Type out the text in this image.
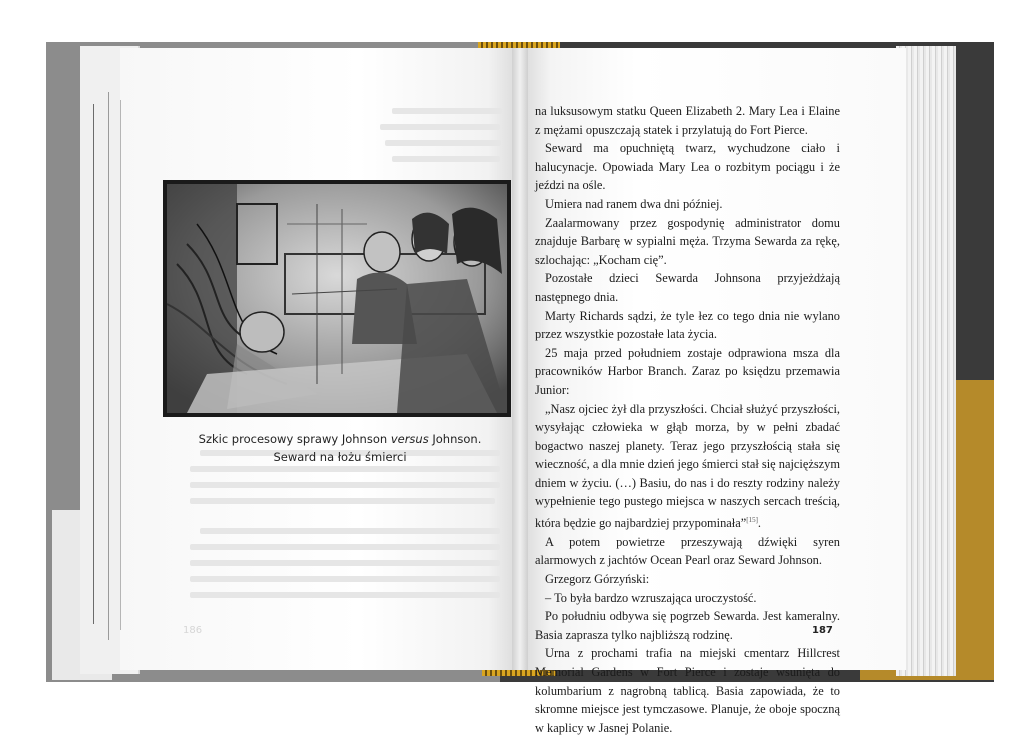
Szkic procesowy sprawy Johnson versus Johnson.
Seward na łożu śmierci

na luksusowym statku Queen Elizabeth 2. Mary Lea i Elaine z mężami opuszczają statek i przylatują do Fort Pierce.

Seward ma opuchniętą twarz, wychudzone ciało i halucynacje. Opowiada Mary Lea o rozbitym pociągu i że jeździ na ośle.

Umiera nad ranem dwa dni później.

Zaalarmowany przez gospodynię administrator domu znajduje Barbarę w sypialni męża. Trzyma Sewarda za rękę, szlochając: „Kocham cię”.

Pozostałe dzieci Sewarda Johnsona przyjeżdżają następnego dnia.

Marty Richards sądzi, że tyle łez co tego dnia nie wylano przez wszystkie pozostałe lata życia.

25 maja przed południem zostaje odprawiona msza dla pracowników Harbor Branch. Zaraz po księdzu przemawia Junior:

„Nasz ojciec żył dla przyszłości. Chciał służyć przyszłości, wysyłając człowieka w głąb morza, by w pełni zbadać bogactwo naszej planety. Teraz jego przyszłością stała się wieczność, a dla mnie dzień jego śmierci stał się najcięższym dniem w życiu. (…) Basiu, do nas i do reszty rodziny należy wypełnienie tego pustego miejsca w naszych sercach treścią, która będzie go najbardziej przypominała”[15].

A potem powietrze przeszywają dźwięki syren alarmowych z jachtów Ocean Pearl oraz Seward Johnson.

Grzegorz Górzyński:

– To była bardzo wzruszająca uroczystość.

Po południu odbywa się pogrzeb Sewarda. Jest kameralny. Basia zaprasza tylko najbliższą rodzinę.

Urna z prochami trafia na miejski cmentarz Hillcrest Memorial Gardens w Fort Pierce i zostaje wsunięta do kolumbarium z nagrobną tablicą. Basia zapowiada, że to skromne miejsce jest tymczasowe. Planuje, że oboje spoczną w kaplicy w Jasnej Polanie.

187
186
